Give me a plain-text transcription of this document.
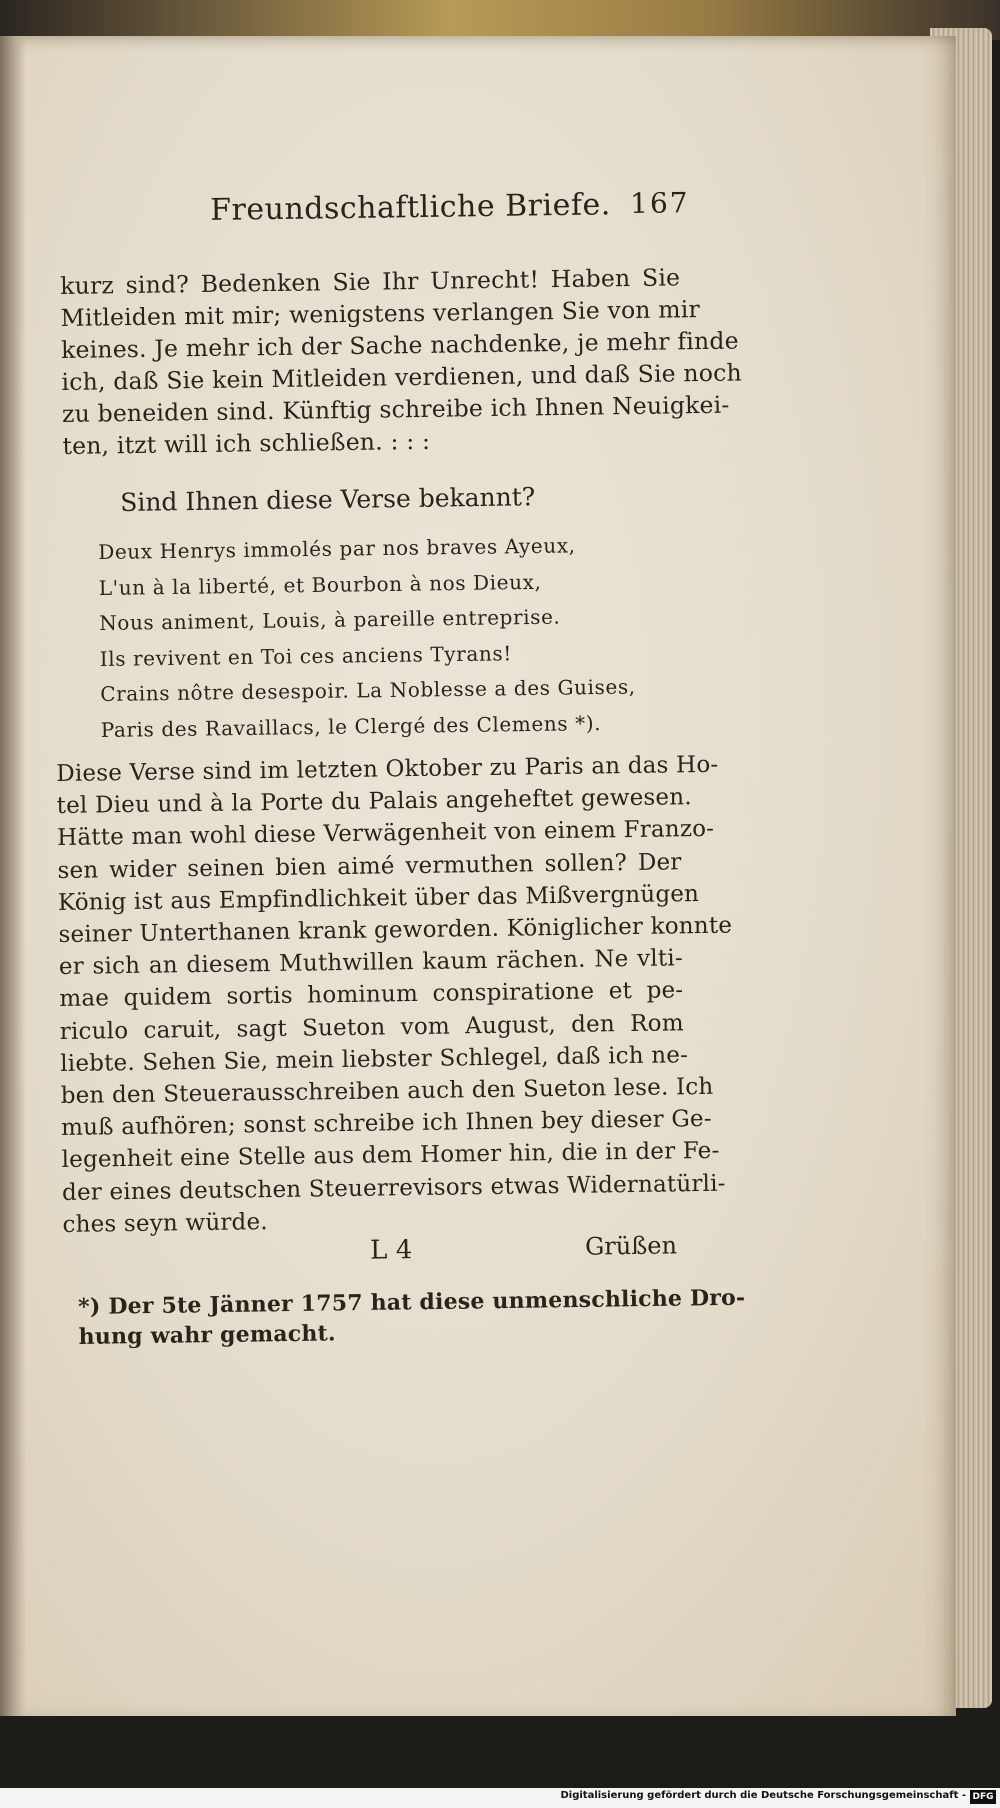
Freundschaftliche Briefe. 167
kurz sind? Bedenken Sie Ihr Unrecht! Haben Sie
Mitleiden mit mir; wenigstens verlangen Sie von mir
keines. Je mehr ich der Sache nachdenke, je mehr finde
ich, daß Sie kein Mitleiden verdienen, und daß Sie noch
zu beneiden sind. Künftig schreibe ich Ihnen Neuigkei-
ten, itzt will ich schließen. : : :
Sind Ihnen diese Verse bekannt?
Deux Henrys immolés par nos braves Ayeux,
L'un à la liberté, et Bourbon à nos Dieux,
Nous animent, Louis, à pareille entreprise.
Ils revivent en Toi ces anciens Tyrans!
Crains nôtre desespoir. La Noblesse a des Guises,
Paris des Ravaillacs, le Clergé des Clemens *).
Diese Verse sind im letzten Oktober zu Paris an das Ho-
tel Dieu und à la Porte du Palais angeheftet gewesen.
Hätte man wohl diese Verwägenheit von einem Franzo-
sen wider seinen bien aimé vermuthen sollen? Der
König ist aus Empfindlichkeit über das Mißvergnügen
seiner Unterthanen krank geworden. Königlicher konnte
er sich an diesem Muthwillen kaum rächen. Ne vlti-
mae quidem sortis hominum conspiratione et pe-
riculo caruit, sagt Sueton vom August, den Rom
liebte. Sehen Sie, mein liebster Schlegel, daß ich ne-
ben den Steuerausschreiben auch den Sueton lese. Ich
muß aufhören; sonst schreibe ich Ihnen bey dieser Ge-
legenheit eine Stelle aus dem Homer hin, die in der Fe-
der eines deutschen Steuerrevisors etwas Widernatürli-
ches seyn würde.
L 4	Grüßen
*) Der 5te Jänner 1757 hat diese unmenschliche Dro-
hung wahr gemacht.
Digitalisierung gefördert durch die Deutsche Forschungsgemeinschaft - DFG
